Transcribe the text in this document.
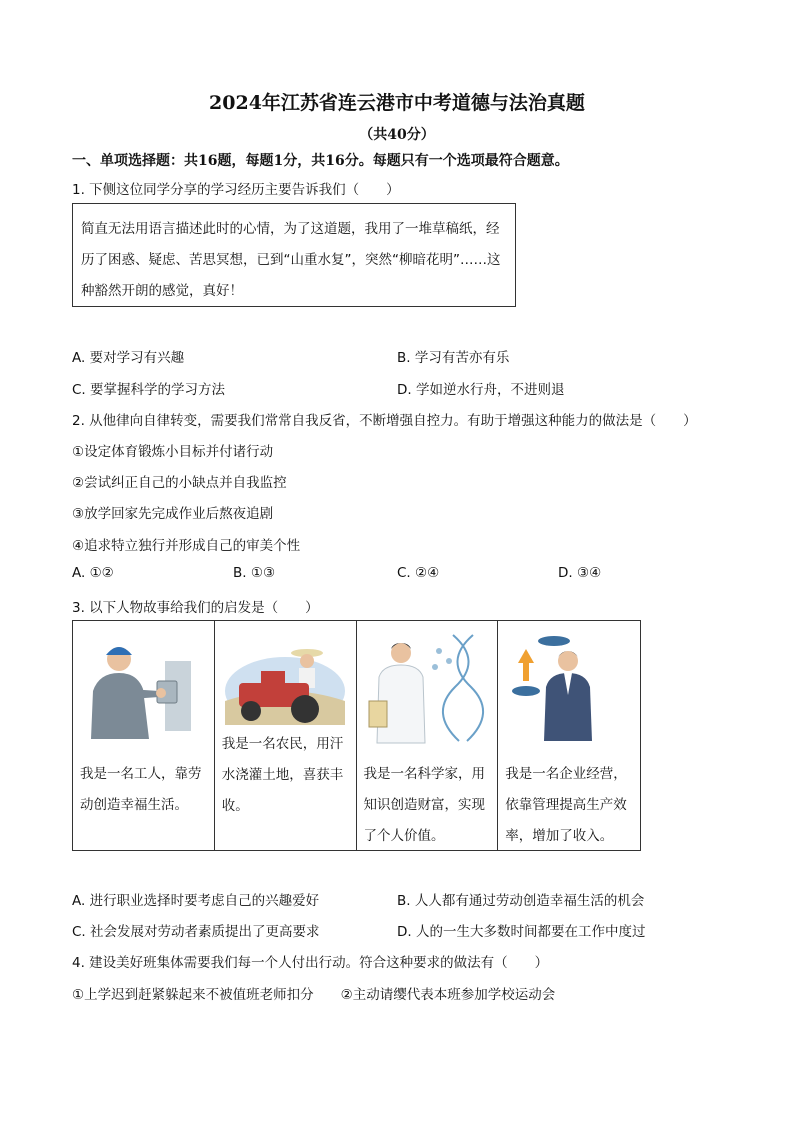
2024年江苏省连云港市中考道德与法治真题
（共40分）
一、单项选择题：共16题，每题1分，共16分。每题只有一个选项最符合题意。
1. 下侧这位同学分享的学习经历主要告诉我们（　　）
简直无法用语言描述此时的心情，为了这道题，我用了一堆草稿纸，经历了困惑、疑虑、苦思冥想，已到“山重水复”，突然“柳暗花明”……这种豁然开朗的感觉，真好！
A. 要对学习有兴趣	B. 学习有苦亦有乐
C. 要掌握科学的学习方法	D. 学如逆水行舟，不进则退
2. 从他律向自律转变，需要我们常常自我反省，不断增强自控力。有助于增强这种能力的做法是（　　）
①设定体育锻炼小目标并付诸行动
②尝试纠正自己的小缺点并自我监控
③放学回家先完成作业后熬夜追剧
④追求特立独行并形成自己的审美个性
A. ①②	B. ①③	C. ②④	D. ③④
3. 以下人物故事给我们的启发是（　　）
我是一名工人，靠劳动创造幸福生活。
我是一名农民，用汗水浇灌土地，喜获丰收。
我是一名科学家，用知识创造财富，实现了个人价值。
我是一名企业经营，依靠管理提高生产效率，增加了收入。
A. 进行职业选择时要考虑自己的兴趣爱好	B. 人人都有通过劳动创造幸福生活的机会
C. 社会发展对劳动者素质提出了更高要求	D. 人的一生大多数时间都要在工作中度过
4. 建设美好班集体需要我们每一个人付出行动。符合这种要求的做法有（　　）
①上学迟到赶紧躲起来不被值班老师扣分　　②主动请缨代表本班参加学校运动会
